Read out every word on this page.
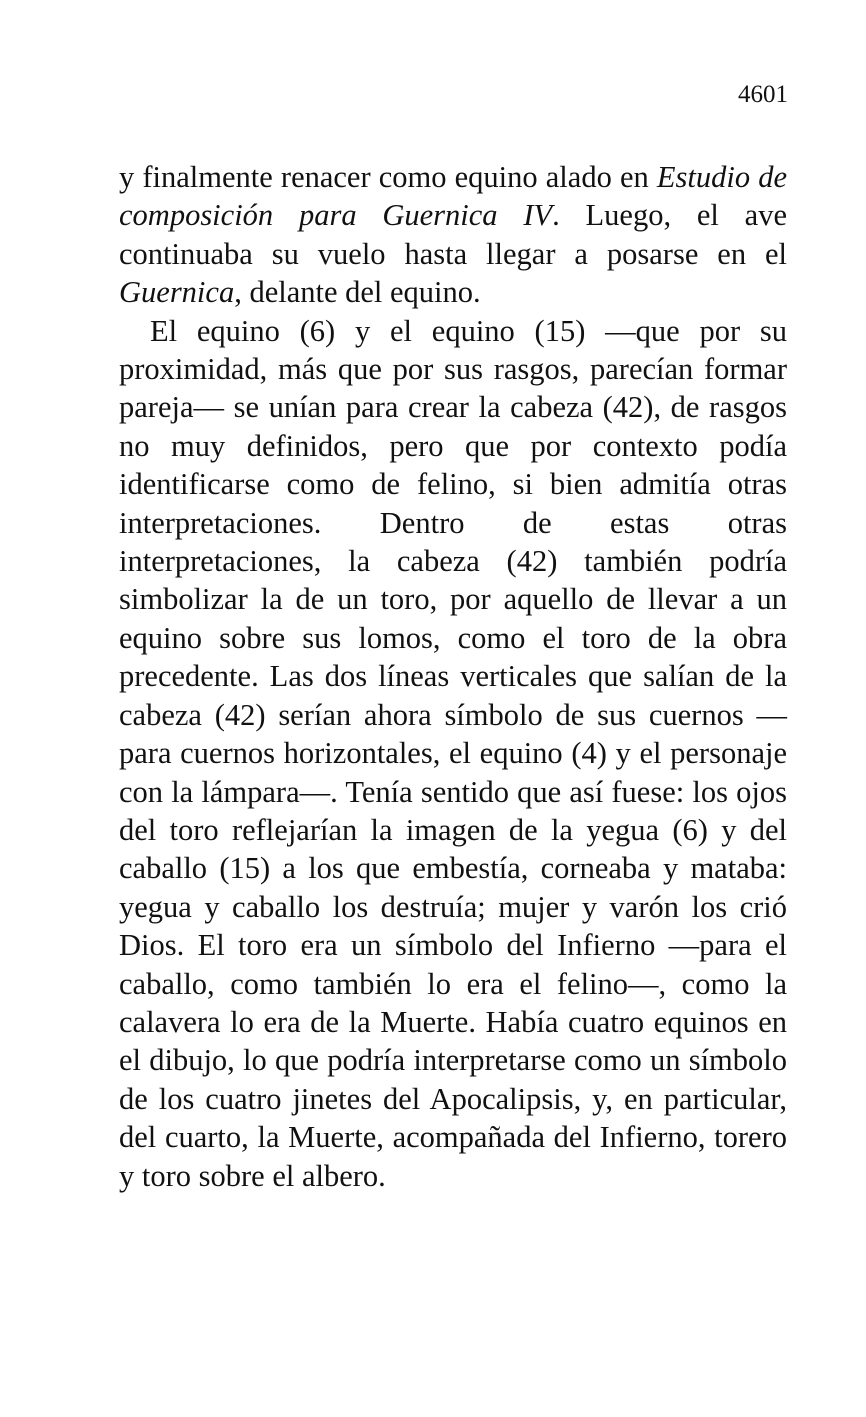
4601

y finalmente renacer como equino alado en Estudio de composición para Guernica IV. Luego, el ave continuaba su vuelo hasta llegar a posarse en el Guernica, delante del equino.

El equino (6) y el equino (15) —que por su proximidad, más que por sus rasgos, parecían formar pareja— se unían para crear la cabeza (42), de rasgos no muy definidos, pero que por contexto podía identificarse como de felino, si bien admitía otras interpretaciones. Dentro de estas otras interpretaciones, la cabeza (42) también podría simbolizar la de un toro, por aquello de llevar a un equino sobre sus lomos, como el toro de la obra precedente. Las dos líneas verticales que salían de la cabeza (42) serían ahora símbolo de sus cuernos —para cuernos horizontales, el equino (4) y el personaje con la lámpara—. Tenía sentido que así fuese: los ojos del toro reflejarían la imagen de la yegua (6) y del caballo (15) a los que embestía, corneaba y mataba: yegua y caballo los destruía; mujer y varón los crió Dios. El toro era un símbolo del Infierno —para el caballo, como también lo era el felino—, como la calavera lo era de la Muerte. Había cuatro equinos en el dibujo, lo que podría interpretarse como un símbolo de los cuatro jinetes del Apocalipsis, y, en particular, del cuarto, la Muerte, acompañada del Infierno, torero y toro sobre el albero.
